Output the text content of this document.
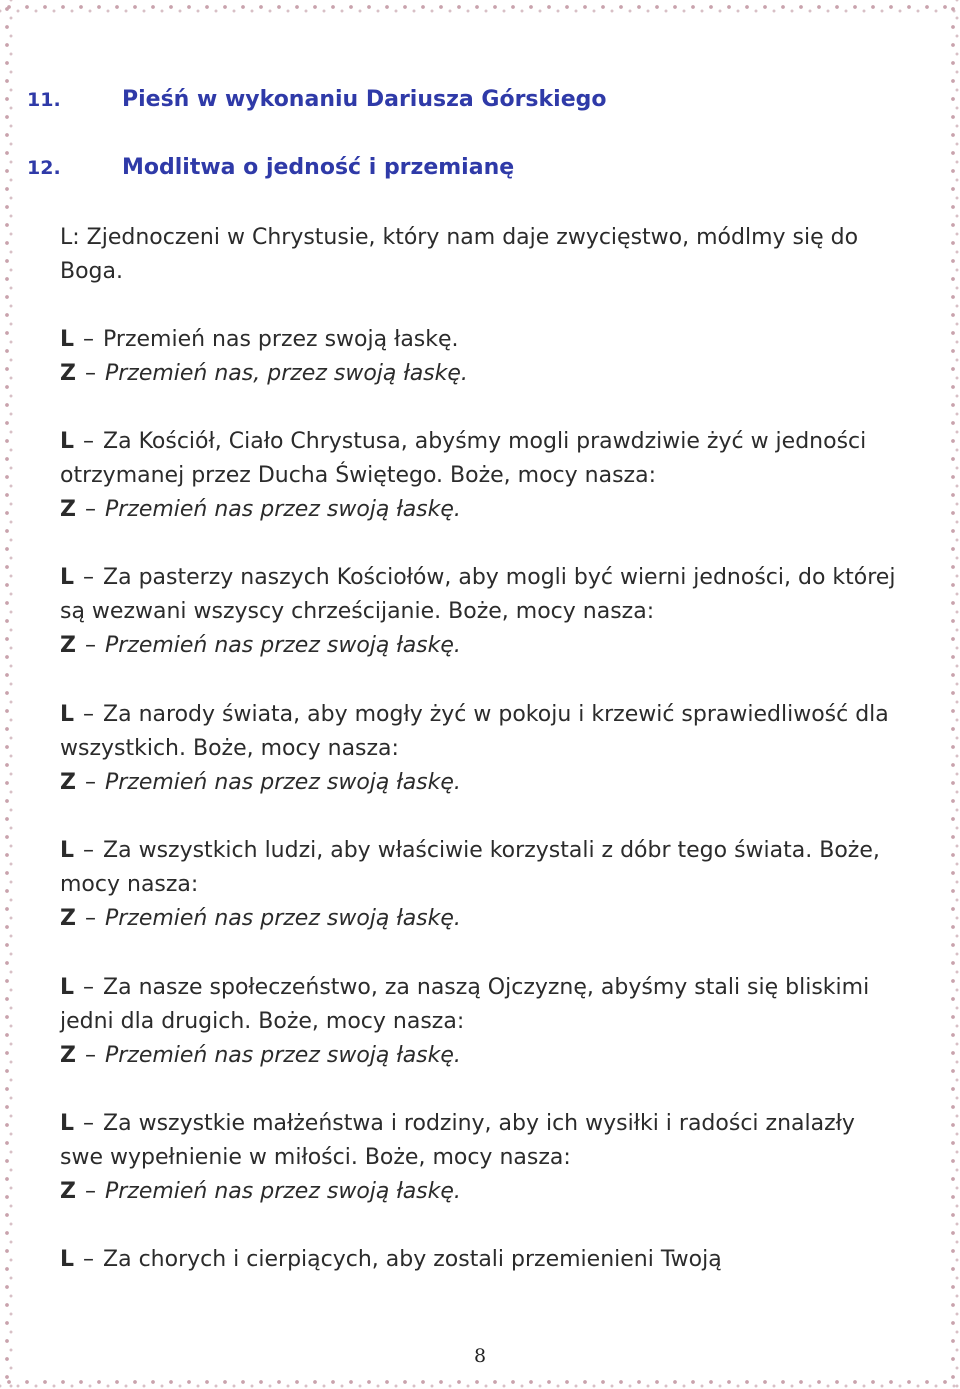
11.	Pieśń w wykonaniu Dariusza Górskiego
12.	Modlitwa o jedność i przemianę
L: Zjednoczeni w Chrystusie, który nam daje zwycięstwo, módlmy się do Boga.
L – Przemień nas przez swoją łaskę.
Z – Przemień nas, przez swoją łaskę.
L – Za Kościół, Ciało Chrystusa, abyśmy mogli prawdziwie żyć w jedności otrzymanej przez Ducha Świętego. Boże, mocy nasza:
Z – Przemień nas przez swoją łaskę.
L – Za pasterzy naszych Kościołów, aby mogli być wierni jedności, do której są wezwani wszyscy chrześcijanie. Boże, mocy nasza:
Z – Przemień nas przez swoją łaskę.
L – Za narody świata, aby mogły żyć w pokoju i krzewić sprawiedliwość dla wszystkich. Boże, mocy nasza:
Z – Przemień nas przez swoją łaskę.
L – Za wszystkich ludzi, aby właściwie korzystali z dóbr tego świata. Boże, mocy nasza:
Z – Przemień nas przez swoją łaskę.
L – Za nasze społeczeństwo, za naszą Ojczyznę, abyśmy stali się bliskimi jedni dla drugich. Boże, mocy nasza:
Z – Przemień nas przez swoją łaskę.
L – Za wszystkie małżeństwa i rodziny, aby ich wysiłki i radości znalazły swe wypełnienie w miłości. Boże, mocy nasza:
Z – Przemień nas przez swoją łaskę.
L – Za chorych i cierpiących, aby zostali przemienieni Twoją
8
